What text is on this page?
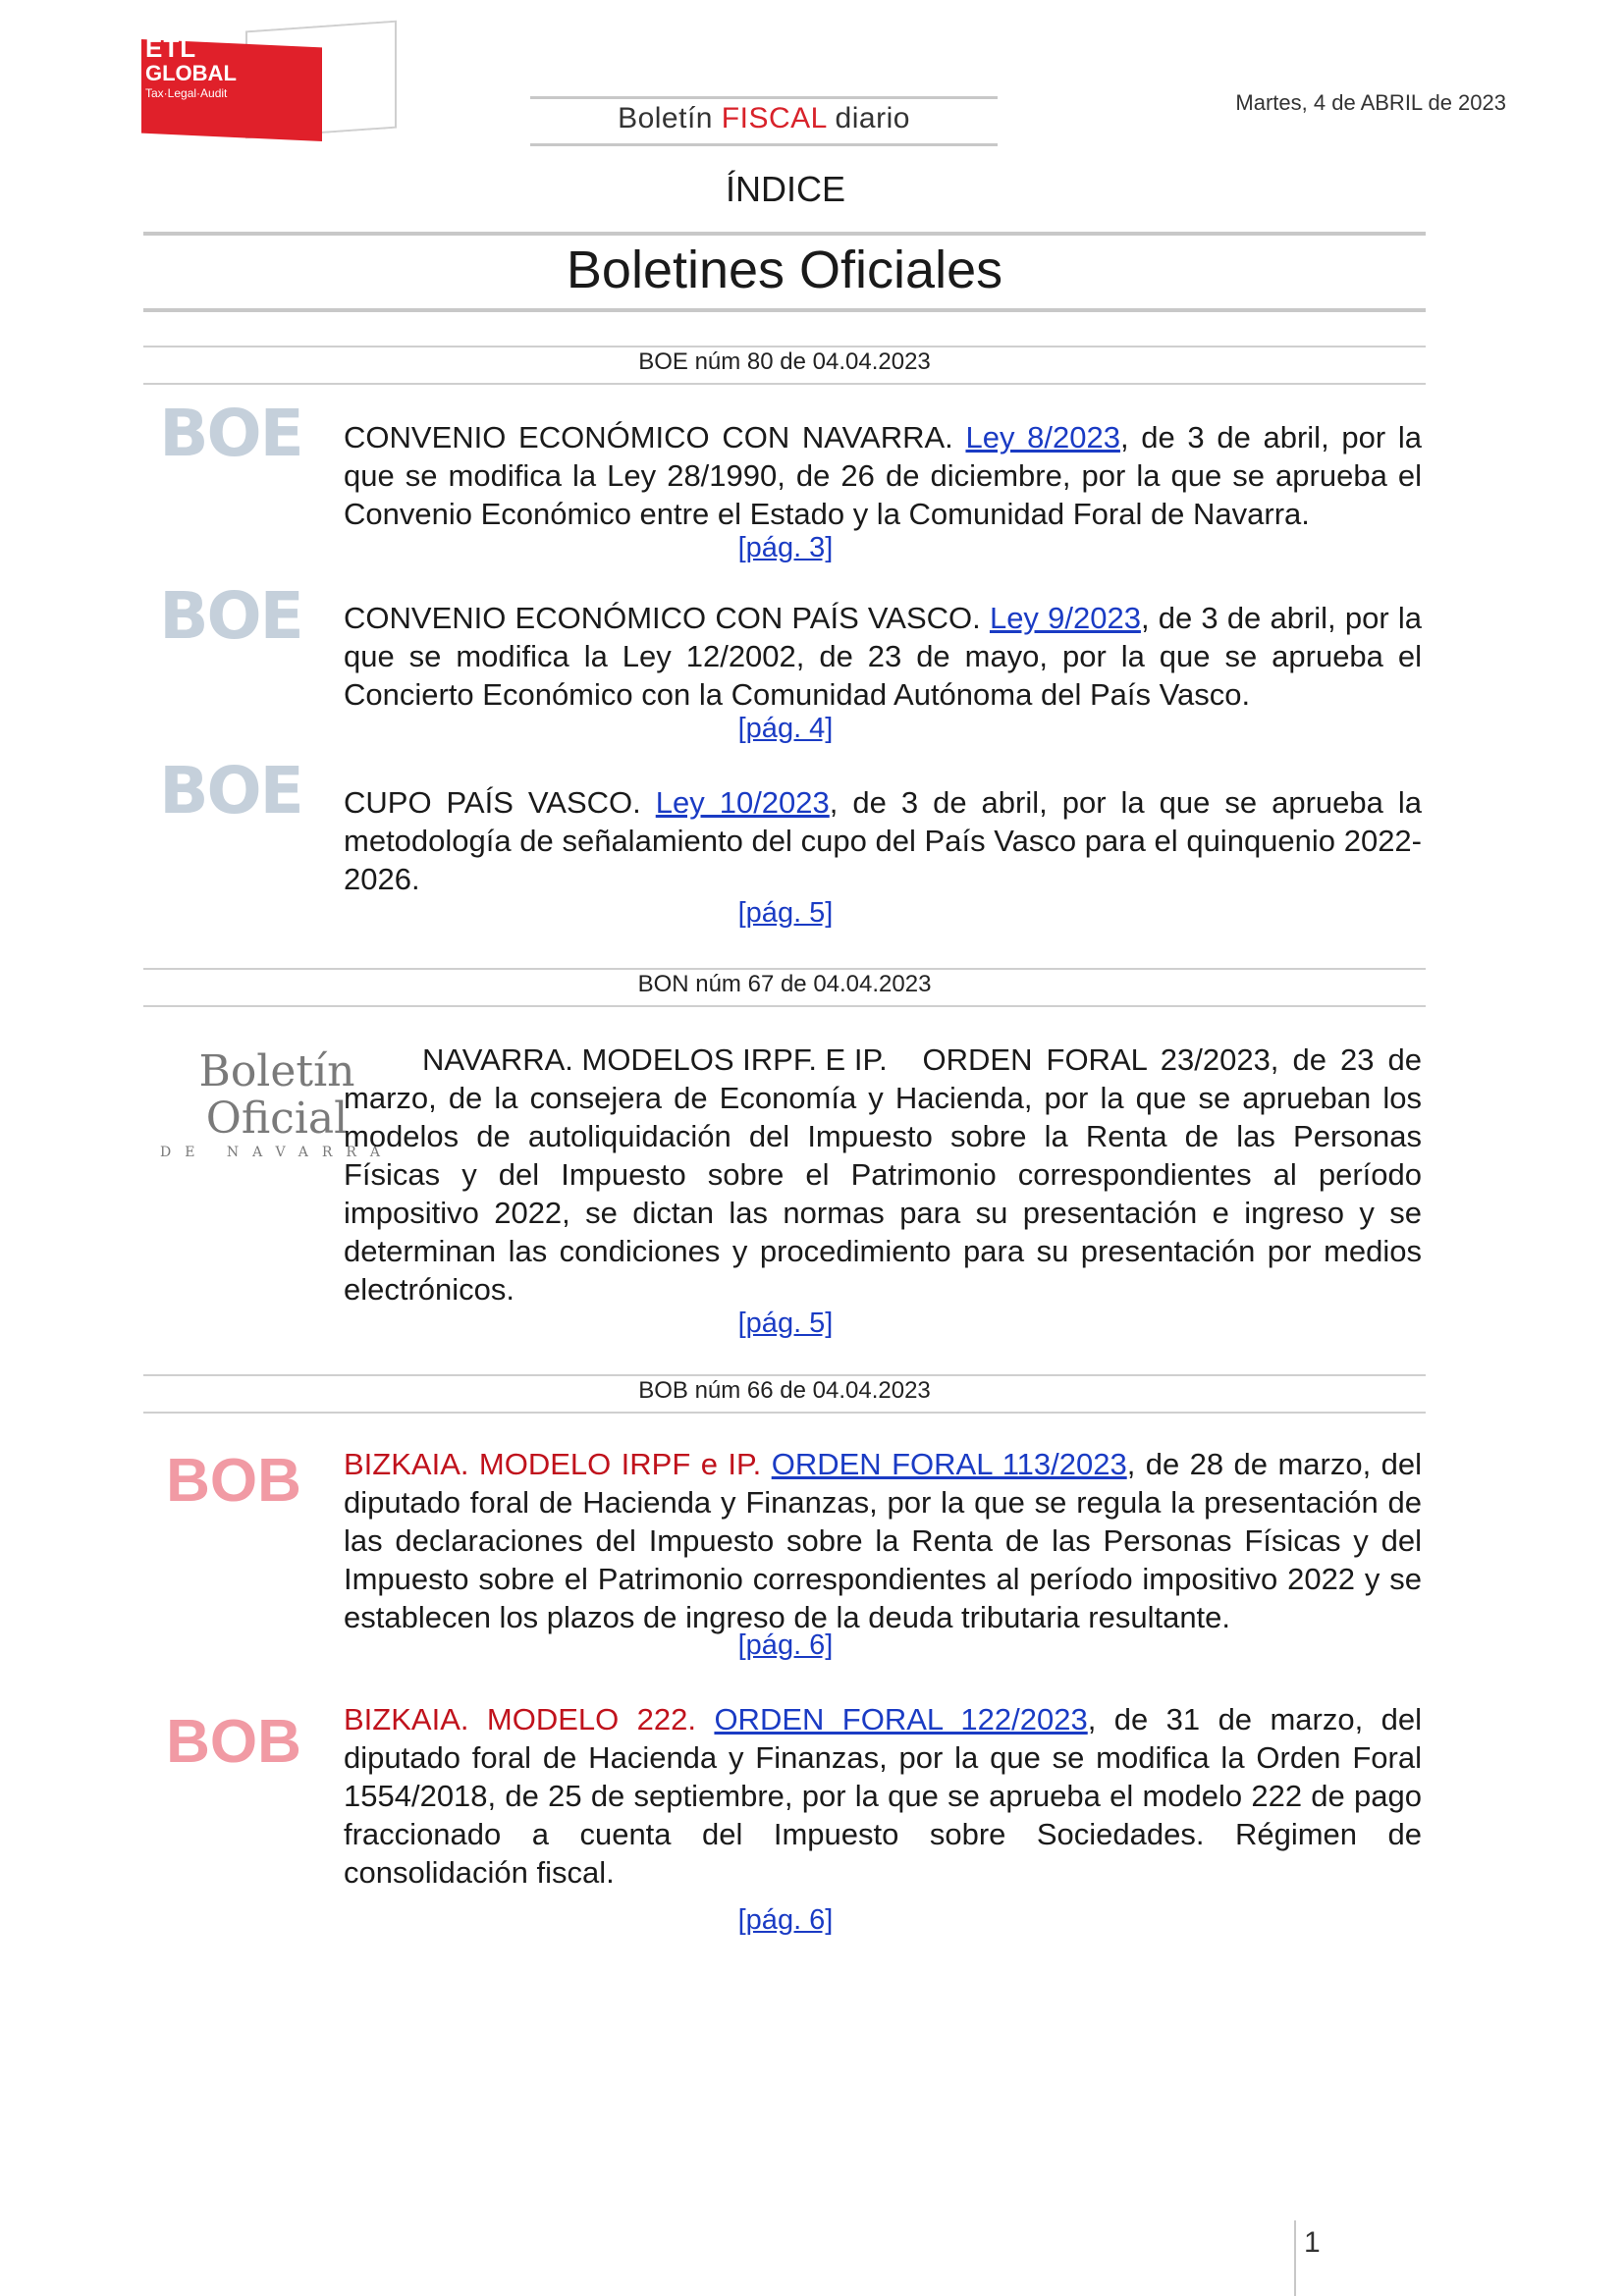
ETL
GLOBAL
Tax·Legal·Audit
Boletín FISCAL diario	Martes, 4 de ABRIL de 2023
ÍNDICE
Boletines Oficiales
BOE núm 80 de 04.04.2023
BOE CONVENIO ECONÓMICO CON NAVARRA. Ley 8/2023, de 3 de abril, por la que se modifica la Ley 28/1990, de 26 de diciembre, por la que se aprueba el Convenio Económico entre el Estado y la Comunidad Foral de Navarra.
[pág. 3]
BOE CONVENIO ECONÓMICO CON PAÍS VASCO. Ley 9/2023, de 3 de abril, por la que se modifica la Ley 12/2002, de 23 de mayo, por la que se aprueba el Concierto Económico con la Comunidad Autónoma del País Vasco.
[pág. 4]
BOE CUPO PAÍS VASCO. Ley 10/2023, de 3 de abril, por la que se aprueba la metodología de señalamiento del cupo del País Vasco para el quinquenio 2022-2026.
[pág. 5]
BON núm 67 de 04.04.2023
Boletín Oficial
DE NAVARRA
NAVARRA. MODELOS IRPF. E IP. ORDEN FORAL 23/2023, de 23 de marzo, de la consejera de Economía y Hacienda, por la que se aprueban los modelos de autoliquidación del Impuesto sobre la Renta de las Personas Físicas y del Impuesto sobre el Patrimonio correspondientes al período impositivo 2022, se dictan las normas para su presentación e ingreso y se determinan las condiciones y procedimiento para su presentación por medios electrónicos.
[pág. 5]
BOB núm 66 de 04.04.2023
BOB BIZKAIA. MODELO IRPF e IP. ORDEN FORAL 113/2023, de 28 de marzo, del diputado foral de Hacienda y Finanzas, por la que se regula la presentación de las declaraciones del Impuesto sobre la Renta de las Personas Físicas y del Impuesto sobre el Patrimonio correspondientes al período impositivo 2022 y se establecen los plazos de ingreso de la deuda tributaria resultante.
[pág. 6]
BOB BIZKAIA. MODELO 222. ORDEN FORAL 122/2023, de 31 de marzo, del diputado foral de Hacienda y Finanzas, por la que se modifica la Orden Foral 1554/2018, de 25 de septiembre, por la que se aprueba el modelo 222 de pago fraccionado a cuenta del Impuesto sobre Sociedades. Régimen de consolidación fiscal.
[pág. 6]
1
